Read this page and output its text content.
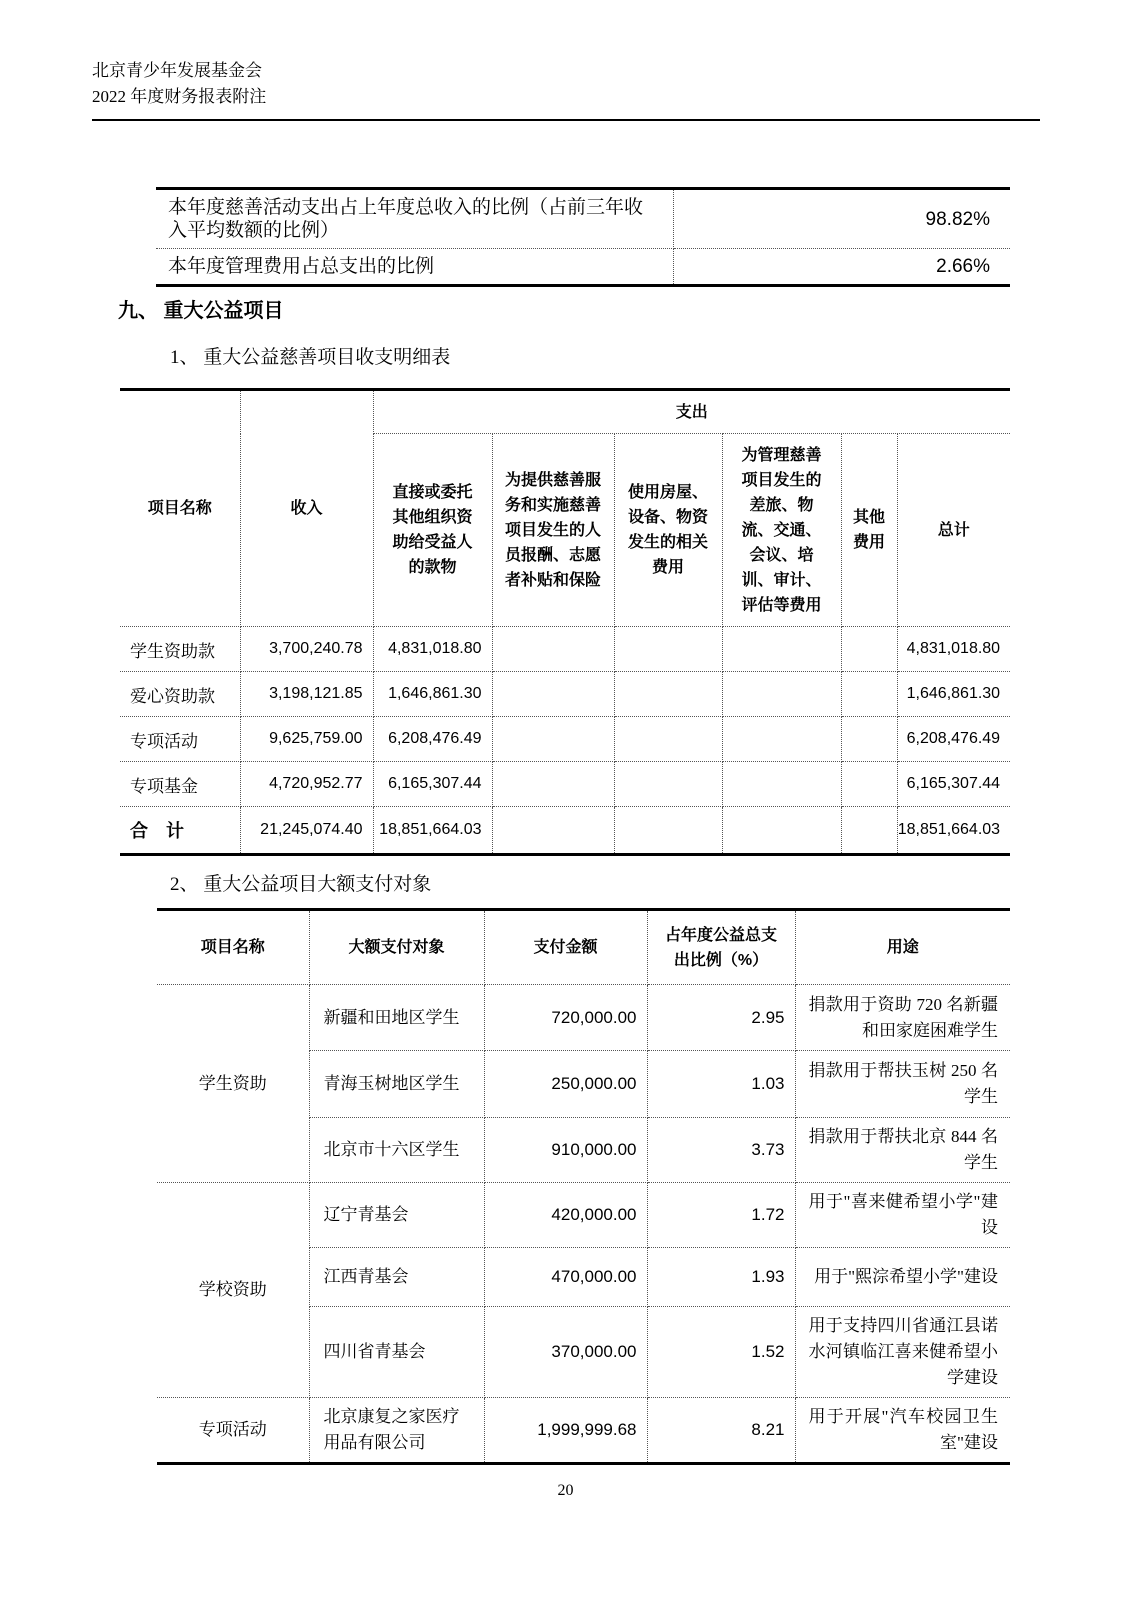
北京青少年发展基金会
2022 年度财务报表附注
本年度慈善活动支出占上年度总收入的比例（占前三年收入平均数额的比例）	98.82%
本年度管理费用占总支出的比例	2.66%
九、 重大公益项目
1、 重大公益慈善项目收支明细表
项目名称	收入	支出					
		直接或委托其他组织资助给受益人的款物	为提供慈善服务和实施慈善项目发生的人员报酬、志愿者补贴和保险	使用房屋、设备、物资发生的相关费用	为管理慈善项目发生的差旅、物流、交通、会议、培训、审计、评估等费用	其他费用	总计
学生资助款	3,700,240.78	4,831,018.80					4,831,018.80
爱心资助款	3,198,121.85	1,646,861.30					1,646,861.30
专项活动	9,625,759.00	6,208,476.49					6,208,476.49
专项基金	4,720,952.77	6,165,307.44					6,165,307.44
合　计	21,245,074.40	18,851,664.03					18,851,664.03
2、 重大公益项目大额支付对象
项目名称	大额支付对象	支付金额	占年度公益总支出比例（%）	用途
学生资助	新疆和田地区学生	720,000.00	2.95	捐款用于资助 720 名新疆和田家庭困难学生
	青海玉树地区学生	250,000.00	1.03	捐款用于帮扶玉树 250 名学生
	北京市十六区学生	910,000.00	3.73	捐款用于帮扶北京 844 名学生
学校资助	辽宁青基会	420,000.00	1.72	用于"喜来健希望小学"建设
	江西青基会	470,000.00	1.93	用于"熙淙希望小学"建设
	四川省青基会	370,000.00	1.52	用于支持四川省通江县诺水河镇临江喜来健希望小学建设
专项活动	北京康复之家医疗用品有限公司	1,999,999.68	8.21	用于开展"汽车校园卫生室"建设
20
